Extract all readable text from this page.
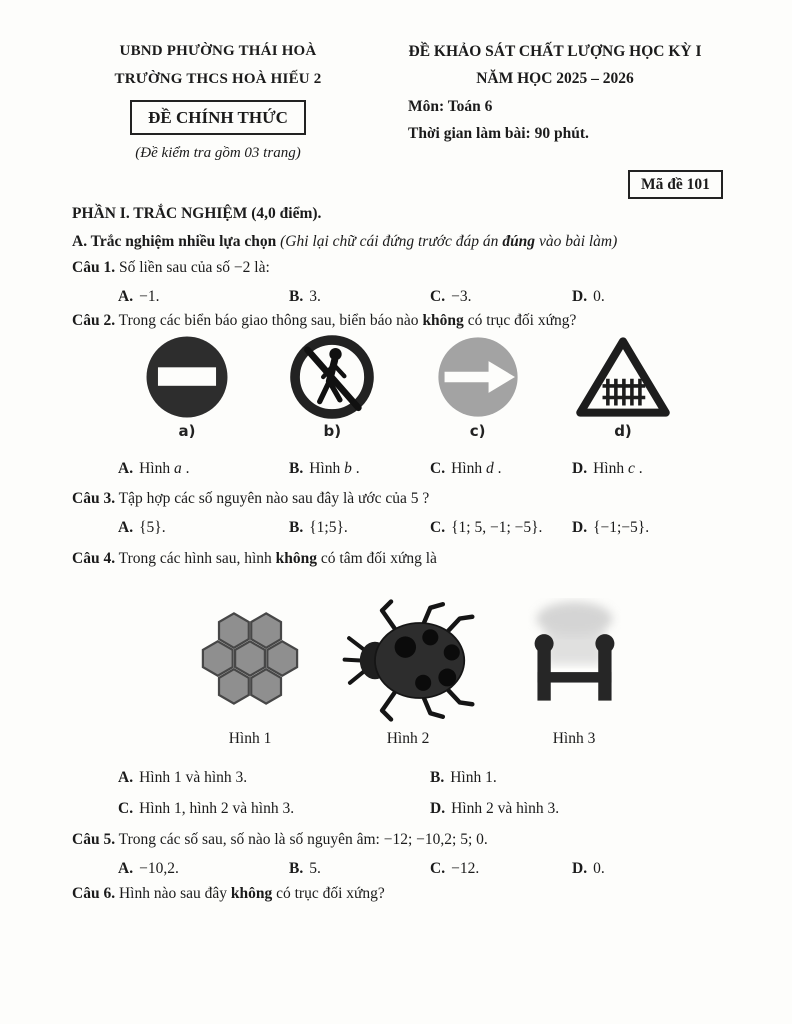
UBND PHƯỜNG THÁI HOÀ
TRƯỜNG THCS HOÀ HIẾU 2
ĐỀ CHÍNH THỨC
(Đề kiểm tra gồm 03 trang)
ĐỀ KHẢO SÁT CHẤT LƯỢNG HỌC KỲ I
NĂM HỌC 2025 – 2026
Môn: Toán 6
Thời gian làm bài: 90 phút.
Mã đề 101
PHẦN I. TRẮC NGHIỆM (4,0 điểm).
A. Trắc nghiệm nhiều lựa chọn (Ghi lại chữ cái đứng trước đáp án đúng vào bài làm)
Câu 1. Số liền sau của số −2 là:
A. −1.	B. 3.	C. −3.	D. 0.
Câu 2. Trong các biển báo giao thông sau, biển báo nào không có trục đối xứng?
a)	b)	c)	d)
A. Hình a .	B. Hình b .	C. Hình d .	D. Hình c .
Câu 3. Tập hợp các số nguyên nào sau đây là ước của 5 ?
A. {5}.	B. {1;5}.	C. {1; 5, −1; −5}.	D. {−1;−5}.
Câu 4. Trong các hình sau, hình không có tâm đối xứng là
Hình 1	Hình 2	Hình 3
A. Hình 1 và hình 3.	B. Hình 1.
C. Hình 1, hình 2 và hình 3.	D. Hình 2 và hình 3.
Câu 5. Trong các số sau, số nào là số nguyên âm: −12; −10,2; 5; 0.
A. −10,2.	B. 5.	C. −12.	D. 0.
Câu 6. Hình nào sau đây không có trục đối xứng?
